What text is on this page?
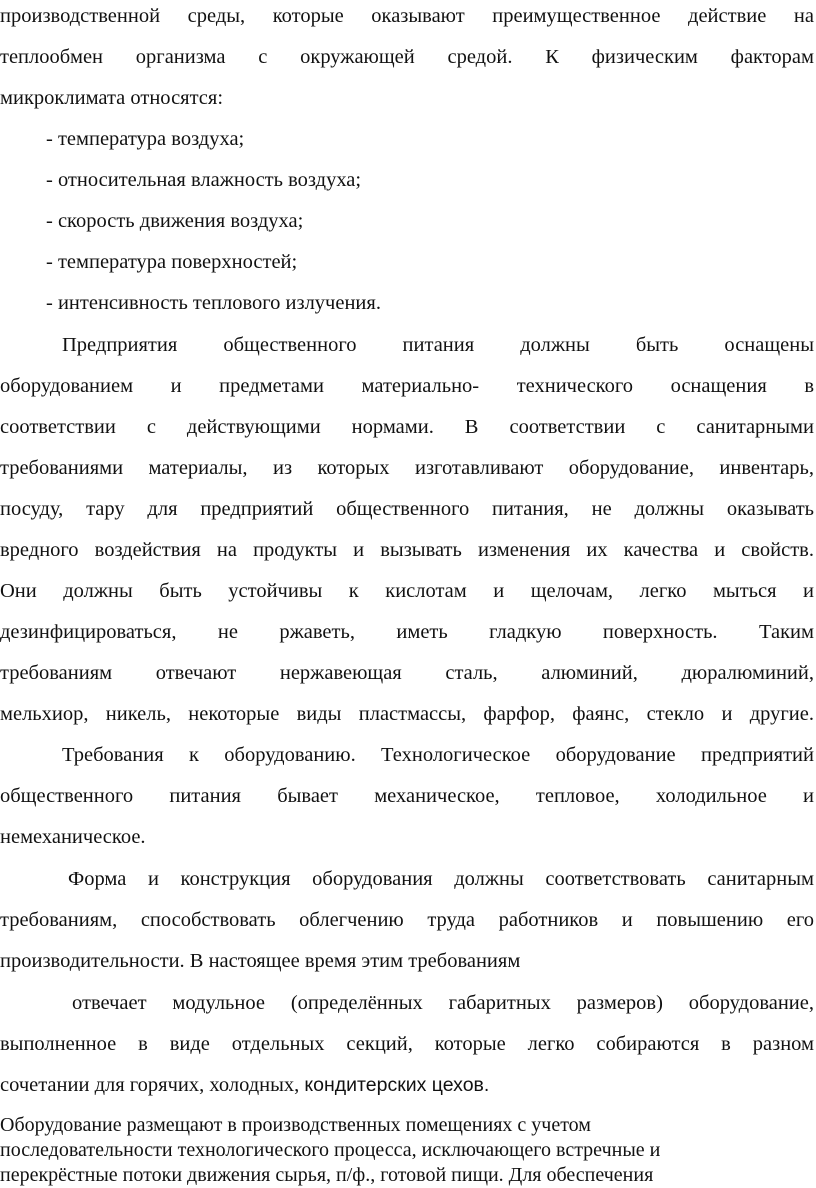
производственной среды, которые оказывают преимущественное действие на
теплообмен организма с окружающей средой. К физическим факторам
микроклимата относятся:
- температура воздуха;
- относительная влажность воздуха;
- скорость движения воздуха;
- температура поверхностей;
- интенсивность теплового излучения.
Предприятия общественного питания должны быть оснащены
оборудованием и предметами материально- технического оснащения в
соответствии с действующими нормами. В соответствии с санитарными
требованиями материалы, из которых изготавливают оборудование, инвентарь,
посуду, тару для предприятий общественного питания, не должны оказывать
вредного воздействия на продукты и вызывать изменения их качества и свойств.
Они должны быть устойчивы к кислотам и щелочам, легко мыться и
дезинфицироваться, не ржаветь, иметь гладкую поверхность. Таким
требованиям отвечают нержавеющая сталь, алюминий, дюралюминий,
мельхиор, никель, некоторые виды пластмассы, фарфор, фаянс, стекло и другие.
Требования к оборудованию. Технологическое оборудование предприятий
общественного питания бывает механическое, тепловое, холодильное и
немеханическое.
Форма и конструкция оборудования должны соответствовать санитарным
требованиям, способствовать облегчению труда работников и повышению его
производительности. В настоящее время этим требованиям
отвечает модульное (определённых габаритных размеров) оборудование,
выполненное в виде отдельных секций, которые легко собираются в разном
сочетании для горячих, холодных, кондитерских цехов.
Оборудование размещают в производственных помещениях с учетом
последовательности технологического процесса, исключающего встречные и
перекрёстные потоки движения сырья, п/ф., готовой пищи. Для обеспечения
